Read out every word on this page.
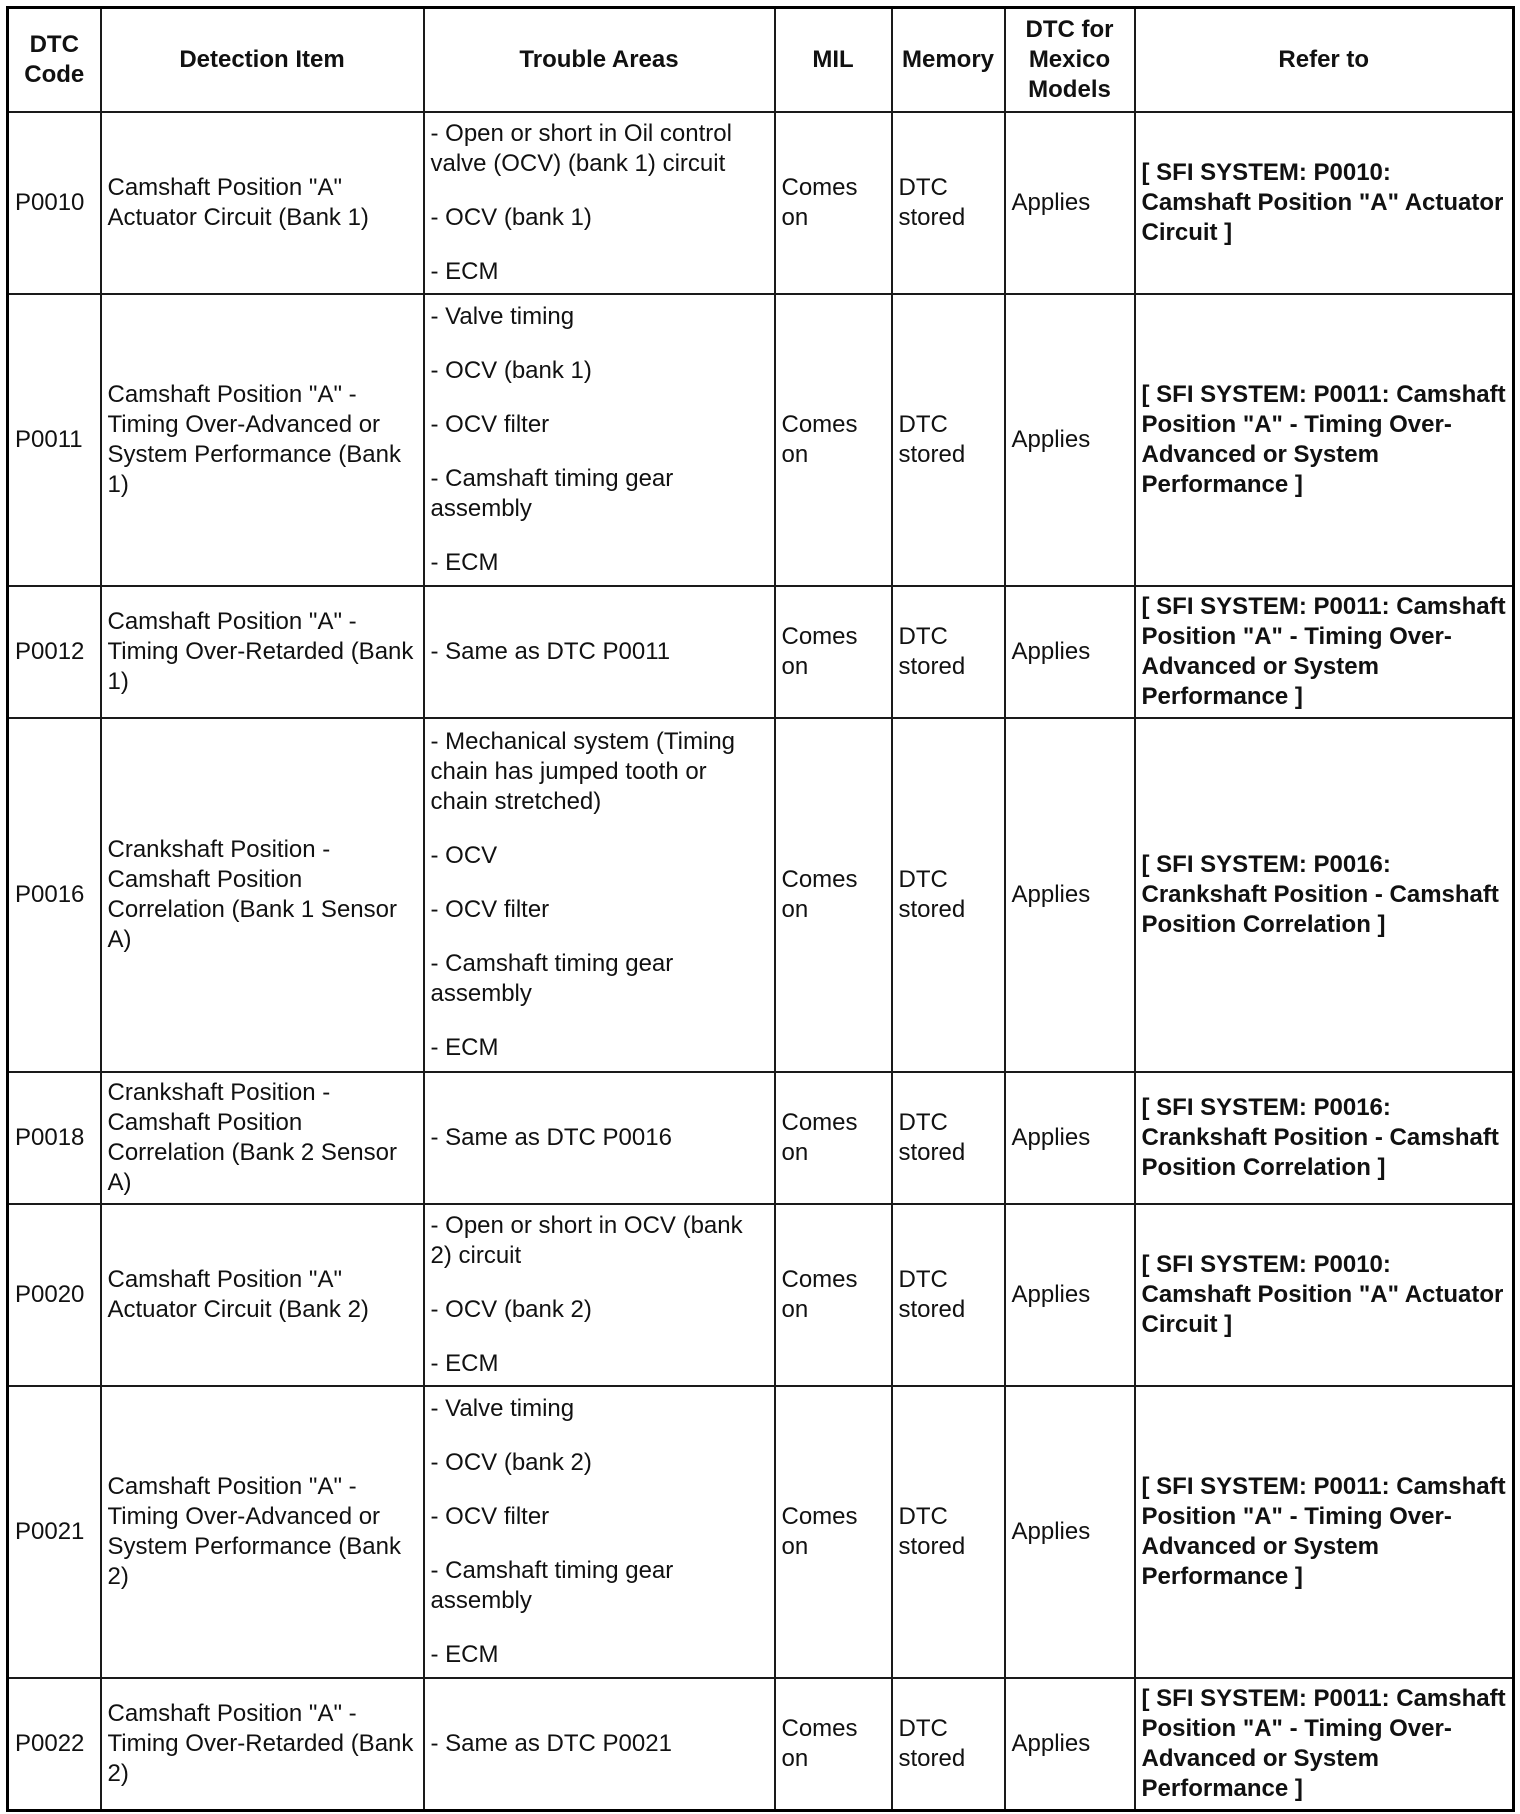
DTC Code	Detection Item	Trouble Areas	MIL	Memory	DTC for Mexico Models	Refer to
P0010	Camshaft Position "A" Actuator Circuit (Bank 1)	- Open or short in Oil control valve (OCV) (bank 1) circuit
- OCV (bank 1)
- ECM	Comes on	DTC stored	Applies	[ SFI SYSTEM: P0010: Camshaft Position "A" Actuator Circuit ]
P0011	Camshaft Position "A" - Timing Over-Advanced or System Performance (Bank 1)	- Valve timing
- OCV (bank 1)
- OCV filter
- Camshaft timing gear assembly
- ECM	Comes on	DTC stored	Applies	[ SFI SYSTEM: P0011: Camshaft Position "A" - Timing Over-Advanced or System Performance ]
P0012	Camshaft Position "A" - Timing Over-Retarded (Bank 1)	- Same as DTC P0011	Comes on	DTC stored	Applies	[ SFI SYSTEM: P0011: Camshaft Position "A" - Timing Over-Advanced or System Performance ]
P0016	Crankshaft Position - Camshaft Position Correlation (Bank 1 Sensor A)	- Mechanical system (Timing chain has jumped tooth or chain stretched)
- OCV
- OCV filter
- Camshaft timing gear assembly
- ECM	Comes on	DTC stored	Applies	[ SFI SYSTEM: P0016: Crankshaft Position - Camshaft Position Correlation ]
P0018	Crankshaft Position - Camshaft Position Correlation (Bank 2 Sensor A)	- Same as DTC P0016	Comes on	DTC stored	Applies	[ SFI SYSTEM: P0016: Crankshaft Position - Camshaft Position Correlation ]
P0020	Camshaft Position "A" Actuator Circuit (Bank 2)	- Open or short in OCV (bank 2) circuit
- OCV (bank 2)
- ECM	Comes on	DTC stored	Applies	[ SFI SYSTEM: P0010: Camshaft Position "A" Actuator Circuit ]
P0021	Camshaft Position "A" - Timing Over-Advanced or System Performance (Bank 2)	- Valve timing
- OCV (bank 2)
- OCV filter
- Camshaft timing gear assembly
- ECM	Comes on	DTC stored	Applies	[ SFI SYSTEM: P0011: Camshaft Position "A" - Timing Over-Advanced or System Performance ]
P0022	Camshaft Position "A" - Timing Over-Retarded (Bank 2)	- Same as DTC P0021	Comes on	DTC stored	Applies	[ SFI SYSTEM: P0011: Camshaft Position "A" - Timing Over-Advanced or System Performance ]
